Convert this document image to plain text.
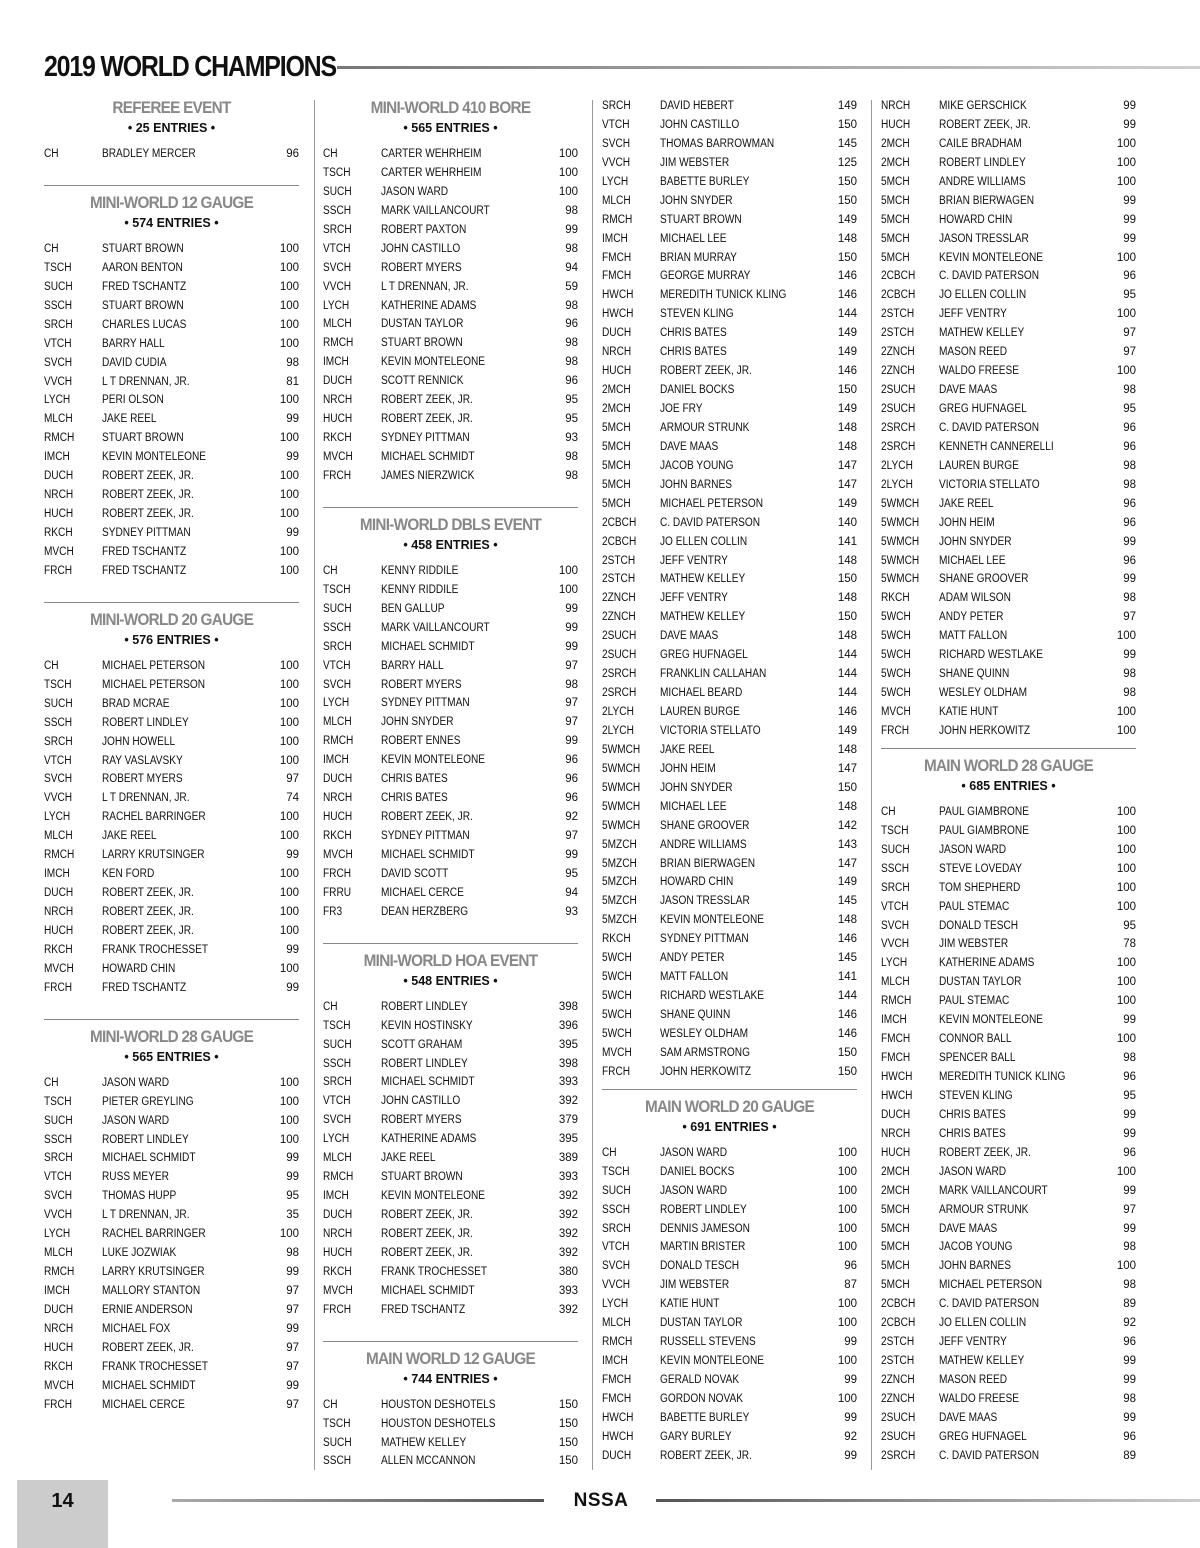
2019 WORLD CHAMPIONS
REFEREE EVENT
• 25 ENTRIES •
CH	BRADLEY MERCER	96
MINI-WORLD 12 GAUGE
• 574 ENTRIES •
CH	STUART BROWN	100
TSCH	AARON BENTON	100
SUCH	FRED TSCHANTZ	100
SSCH	STUART BROWN	100
SRCH	CHARLES LUCAS	100
VTCH	BARRY HALL	100
SVCH	DAVID CUDIA	98
VVCH	L T DRENNAN, JR.	81
LYCH	PERI OLSON	100
MLCH	JAKE REEL	99
RMCH	STUART BROWN	100
IMCH	KEVIN MONTELEONE	99
DUCH	ROBERT ZEEK, JR.	100
NRCH	ROBERT ZEEK, JR.	100
HUCH	ROBERT ZEEK, JR.	100
RKCH	SYDNEY PITTMAN	99
MVCH	FRED TSCHANTZ	100
FRCH	FRED TSCHANTZ	100
MINI-WORLD 20 GAUGE
• 576 ENTRIES •
CH	MICHAEL PETERSON	100
TSCH	MICHAEL PETERSON	100
SUCH	BRAD MCRAE	100
SSCH	ROBERT LINDLEY	100
SRCH	JOHN HOWELL	100
VTCH	RAY VASLAVSKY	100
SVCH	ROBERT MYERS	97
VVCH	L T DRENNAN, JR.	74
LYCH	RACHEL BARRINGER	100
MLCH	JAKE REEL	100
RMCH	LARRY KRUTSINGER	99
IMCH	KEN FORD	100
DUCH	ROBERT ZEEK, JR.	100
NRCH	ROBERT ZEEK, JR.	100
HUCH	ROBERT ZEEK, JR.	100
RKCH	FRANK TROCHESSET	99
MVCH	HOWARD CHIN	100
FRCH	FRED TSCHANTZ	99
MINI-WORLD 28 GAUGE
• 565 ENTRIES •
CH	JASON WARD	100
TSCH	PIETER GREYLING	100
SUCH	JASON WARD	100
SSCH	ROBERT LINDLEY	100
SRCH	MICHAEL SCHMIDT	99
VTCH	RUSS MEYER	99
SVCH	THOMAS HUPP	95
VVCH	L T DRENNAN, JR.	35
LYCH	RACHEL BARRINGER	100
MLCH	LUKE JOZWIAK	98
RMCH	LARRY KRUTSINGER	99
IMCH	MALLORY STANTON	97
DUCH	ERNIE ANDERSON	97
NRCH	MICHAEL FOX	99
HUCH	ROBERT ZEEK, JR.	97
RKCH	FRANK TROCHESSET	97
MVCH	MICHAEL SCHMIDT	99
FRCH	MICHAEL CERCE	97
MINI-WORLD 410 BORE
• 565 ENTRIES •
CH	CARTER WEHRHEIM	100
TSCH	CARTER WEHRHEIM	100
SUCH	JASON WARD	100
SSCH	MARK VAILLANCOURT	98
SRCH	ROBERT PAXTON	99
VTCH	JOHN CASTILLO	98
SVCH	ROBERT MYERS	94
VVCH	L T DRENNAN, JR.	59
LYCH	KATHERINE ADAMS	98
MLCH	DUSTAN TAYLOR	96
RMCH	STUART BROWN	98
IMCH	KEVIN MONTELEONE	98
DUCH	SCOTT RENNICK	96
NRCH	ROBERT ZEEK, JR.	95
HUCH	ROBERT ZEEK, JR.	95
RKCH	SYDNEY PITTMAN	93
MVCH	MICHAEL SCHMIDT	98
FRCH	JAMES NIERZWICK	98
MINI-WORLD DBLS EVENT
• 458 ENTRIES •
CH	KENNY RIDDILE	100
TSCH	KENNY RIDDILE	100
SUCH	BEN GALLUP	99
SSCH	MARK VAILLANCOURT	99
SRCH	MICHAEL SCHMIDT	99
VTCH	BARRY HALL	97
SVCH	ROBERT MYERS	98
LYCH	SYDNEY PITTMAN	97
MLCH	JOHN SNYDER	97
RMCH	ROBERT ENNES	99
IMCH	KEVIN MONTELEONE	96
DUCH	CHRIS BATES	96
NRCH	CHRIS BATES	96
HUCH	ROBERT ZEEK, JR.	92
RKCH	SYDNEY PITTMAN	97
MVCH	MICHAEL SCHMIDT	99
FRCH	DAVID SCOTT	95
FRRU	MICHAEL CERCE	94
FR3	DEAN HERZBERG	93
MINI-WORLD HOA EVENT
• 548 ENTRIES •
CH	ROBERT LINDLEY	398
TSCH	KEVIN HOSTINSKY	396
SUCH	SCOTT GRAHAM	395
SSCH	ROBERT LINDLEY	398
SRCH	MICHAEL SCHMIDT	393
VTCH	JOHN CASTILLO	392
SVCH	ROBERT MYERS	379
LYCH	KATHERINE ADAMS	395
MLCH	JAKE REEL	389
RMCH	STUART BROWN	393
IMCH	KEVIN MONTELEONE	392
DUCH	ROBERT ZEEK, JR.	392
NRCH	ROBERT ZEEK, JR.	392
HUCH	ROBERT ZEEK, JR.	392
RKCH	FRANK TROCHESSET	380
MVCH	MICHAEL SCHMIDT	393
FRCH	FRED TSCHANTZ	392
MAIN WORLD 12 GAUGE
• 744 ENTRIES •
CH	HOUSTON DESHOTELS	150
TSCH	HOUSTON DESHOTELS	150
SUCH	MATHEW KELLEY	150
SSCH	ALLEN MCCANNON	150
SRCH	DAVID HEBERT	149
VTCH	JOHN CASTILLO	150
SVCH	THOMAS BARROWMAN	145
VVCH	JIM WEBSTER	125
LYCH	BABETTE BURLEY	150
MLCH	JOHN SNYDER	150
RMCH	STUART BROWN	149
IMCH	MICHAEL LEE	148
FMCH	BRIAN MURRAY	150
FMCH	GEORGE MURRAY	146
HWCH	MEREDITH TUNICK KLING	146
HWCH	STEVEN KLING	144
DUCH	CHRIS BATES	149
NRCH	CHRIS BATES	149
HUCH	ROBERT ZEEK, JR.	146
2MCH	DANIEL BOCKS	150
2MCH	JOE FRY	149
5MCH	ARMOUR STRUNK	148
5MCH	DAVE MAAS	148
5MCH	JACOB YOUNG	147
5MCH	JOHN BARNES	147
5MCH	MICHAEL PETERSON	149
2CBCH	C. DAVID PATERSON	140
2CBCH	JO ELLEN COLLIN	141
2STCH	JEFF VENTRY	148
2STCH	MATHEW KELLEY	150
2ZNCH	JEFF VENTRY	148
2ZNCH	MATHEW KELLEY	150
2SUCH	DAVE MAAS	148
2SUCH	GREG HUFNAGEL	144
2SRCH	FRANKLIN CALLAHAN	144
2SRCH	MICHAEL BEARD	144
2LYCH	LAUREN BURGE	146
2LYCH	VICTORIA STELLATO	149
5WMCH	JAKE REEL	148
5WMCH	JOHN HEIM	147
5WMCH	JOHN SNYDER	150
5WMCH	MICHAEL LEE	148
5WMCH	SHANE GROOVER	142
5MZCH	ANDRE WILLIAMS	143
5MZCH	BRIAN BIERWAGEN	147
5MZCH	HOWARD CHIN	149
5MZCH	JASON TRESSLAR	145
5MZCH	KEVIN MONTELEONE	148
RKCH	SYDNEY PITTMAN	146
5WCH	ANDY PETER	145
5WCH	MATT FALLON	141
5WCH	RICHARD WESTLAKE	144
5WCH	SHANE QUINN	146
5WCH	WESLEY OLDHAM	146
MVCH	SAM ARMSTRONG	150
FRCH	JOHN HERKOWITZ	150
MAIN WORLD 20 GAUGE
• 691 ENTRIES •
CH	JASON WARD	100
TSCH	DANIEL BOCKS	100
SUCH	JASON WARD	100
SSCH	ROBERT LINDLEY	100
SRCH	DENNIS JAMESON	100
VTCH	MARTIN BRISTER	100
SVCH	DONALD TESCH	96
VVCH	JIM WEBSTER	87
LYCH	KATIE HUNT	100
MLCH	DUSTAN TAYLOR	100
RMCH	RUSSELL STEVENS	99
IMCH	KEVIN MONTELEONE	100
FMCH	GERALD NOVAK	99
FMCH	GORDON NOVAK	100
HWCH	BABETTE BURLEY	99
HWCH	GARY BURLEY	92
DUCH	ROBERT ZEEK, JR.	99
NRCH	MIKE GERSCHICK	99
HUCH	ROBERT ZEEK, JR.	99
2MCH	CAILE BRADHAM	100
2MCH	ROBERT LINDLEY	100
5MCH	ANDRE WILLIAMS	100
5MCH	BRIAN BIERWAGEN	99
5MCH	HOWARD CHIN	99
5MCH	JASON TRESSLAR	99
5MCH	KEVIN MONTELEONE	100
2CBCH	C. DAVID PATERSON	96
2CBCH	JO ELLEN COLLIN	95
2STCH	JEFF VENTRY	100
2STCH	MATHEW KELLEY	97
2ZNCH	MASON REED	97
2ZNCH	WALDO FREESE	100
2SUCH	DAVE MAAS	98
2SUCH	GREG HUFNAGEL	95
2SRCH	C. DAVID PATERSON	96
2SRCH	KENNETH CANNERELLI	96
2LYCH	LAUREN BURGE	98
2LYCH	VICTORIA STELLATO	98
5WMCH	JAKE REEL	96
5WMCH	JOHN HEIM	96
5WMCH	JOHN SNYDER	99
5WMCH	MICHAEL LEE	96
5WMCH	SHANE GROOVER	99
RKCH	ADAM WILSON	98
5WCH	ANDY PETER	97
5WCH	MATT FALLON	100
5WCH	RICHARD WESTLAKE	99
5WCH	SHANE QUINN	98
5WCH	WESLEY OLDHAM	98
MVCH	KATIE HUNT	100
FRCH	JOHN HERKOWITZ	100
MAIN WORLD 28 GAUGE
• 685 ENTRIES •
CH	PAUL GIAMBRONE	100
TSCH	PAUL GIAMBRONE	100
SUCH	JASON WARD	100
SSCH	STEVE LOVEDAY	100
SRCH	TOM SHEPHERD	100
VTCH	PAUL STEMAC	100
SVCH	DONALD TESCH	95
VVCH	JIM WEBSTER	78
LYCH	KATHERINE ADAMS	100
MLCH	DUSTAN TAYLOR	100
RMCH	PAUL STEMAC	100
IMCH	KEVIN MONTELEONE	99
FMCH	CONNOR BALL	100
FMCH	SPENCER BALL	98
HWCH	MEREDITH TUNICK KLING	96
HWCH	STEVEN KLING	95
DUCH	CHRIS BATES	99
NRCH	CHRIS BATES	99
HUCH	ROBERT ZEEK, JR.	96
2MCH	JASON WARD	100
2MCH	MARK VAILLANCOURT	99
5MCH	ARMOUR STRUNK	97
5MCH	DAVE MAAS	99
5MCH	JACOB YOUNG	98
5MCH	JOHN BARNES	100
5MCH	MICHAEL PETERSON	98
2CBCH	C. DAVID PATERSON	89
2CBCH	JO ELLEN COLLIN	92
2STCH	JEFF VENTRY	96
2STCH	MATHEW KELLEY	99
2ZNCH	MASON REED	99
2ZNCH	WALDO FREESE	98
2SUCH	DAVE MAAS	99
2SUCH	GREG HUFNAGEL	96
2SRCH	C. DAVID PATERSON	89
14	NSSA
